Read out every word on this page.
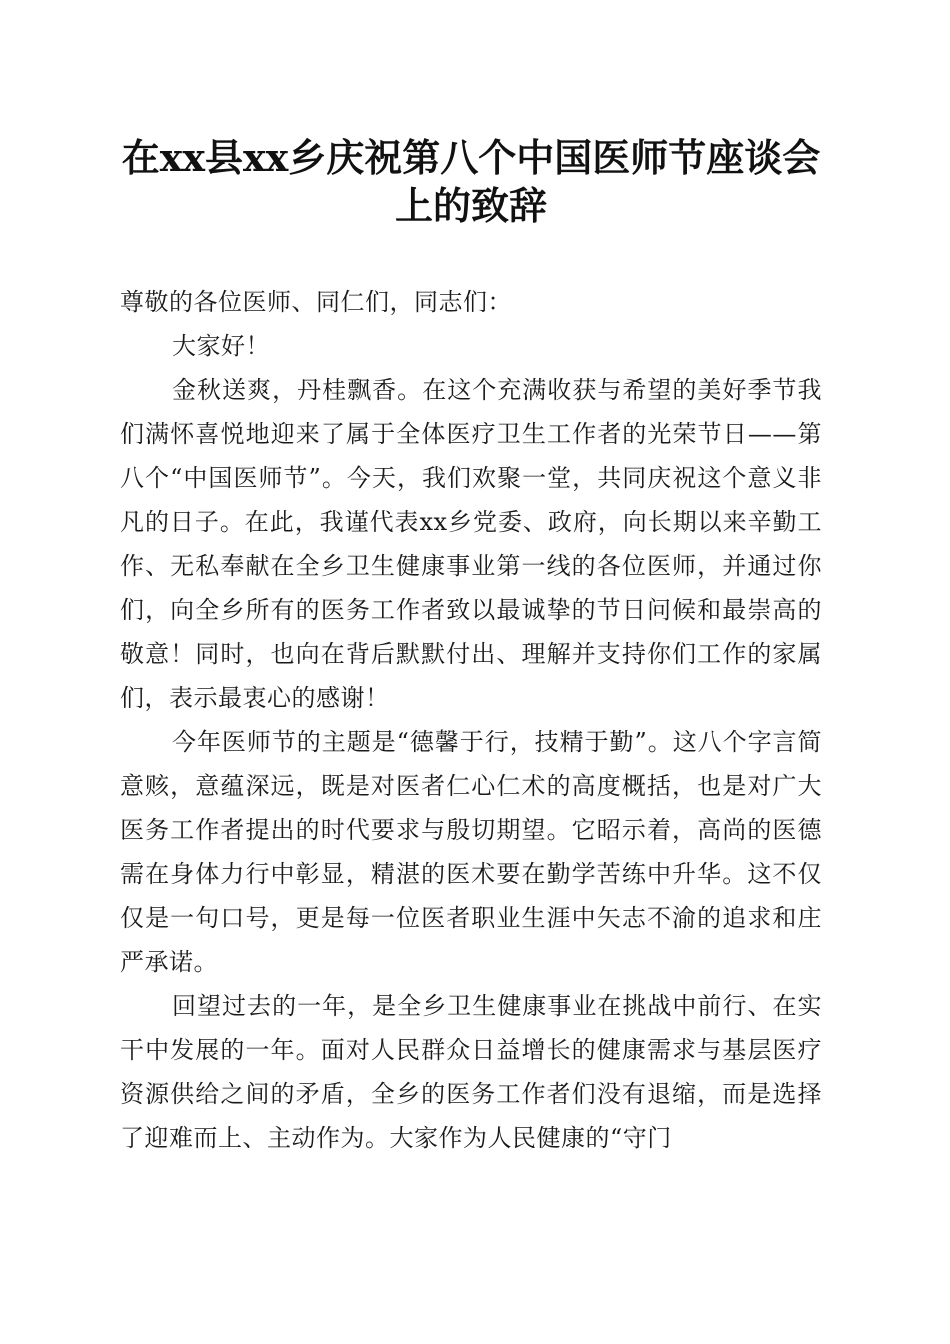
在xx县xx乡庆祝第八个中国医师节座谈会上的致辞

尊敬的各位医师、同仁们，同志们：

大家好！

金秋送爽，丹桂飘香。在这个充满收获与希望的美好季节我们满怀喜悦地迎来了属于全体医疗卫生工作者的光荣节日——第八个“中国医师节”。今天，我们欢聚一堂，共同庆祝这个意义非凡的日子。在此，我谨代表xx乡党委、政府，向长期以来辛勤工作、无私奉献在全乡卫生健康事业第一线的各位医师，并通过你们，向全乡所有的医务工作者致以最诚挚的节日问候和最崇高的敬意！同时，也向在背后默默付出、理解并支持你们工作的家属们，表示最衷心的感谢！

今年医师节的主题是“德馨于行，技精于勤”。这八个字言简意赅，意蕴深远，既是对医者仁心仁术的高度概括，也是对广大医务工作者提出的时代要求与殷切期望。它昭示着，高尚的医德需在身体力行中彰显，精湛的医术要在勤学苦练中升华。这不仅仅是一句口号，更是每一位医者职业生涯中矢志不渝的追求和庄严承诺。

回望过去的一年，是全乡卫生健康事业在挑战中前行、在实干中发展的一年。面对人民群众日益增长的健康需求与基层医疗资源供给之间的矛盾，全乡的医务工作者们没有退缩，而是选择了迎难而上、主动作为。大家作为人民健康的“守门
